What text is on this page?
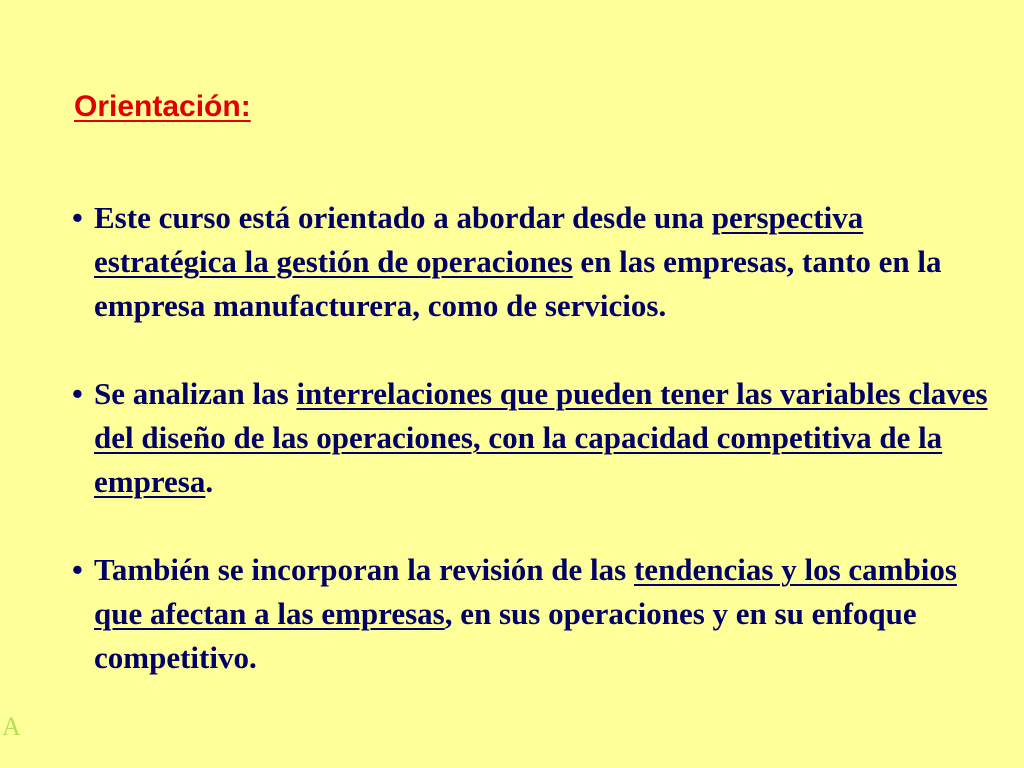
Orientación:
• Este curso está orientado a abordar desde una perspectiva estratégica la gestión de operaciones en las empresas, tanto en la empresa manufacturera, como de servicios.
• Se analizan las interrelaciones que pueden tener las variables claves del diseño de las operaciones, con la capacidad competitiva de la empresa.
• También se incorporan la revisión de las tendencias y los cambios que afectan a las empresas, en sus operaciones y en su enfoque competitivo.
A
